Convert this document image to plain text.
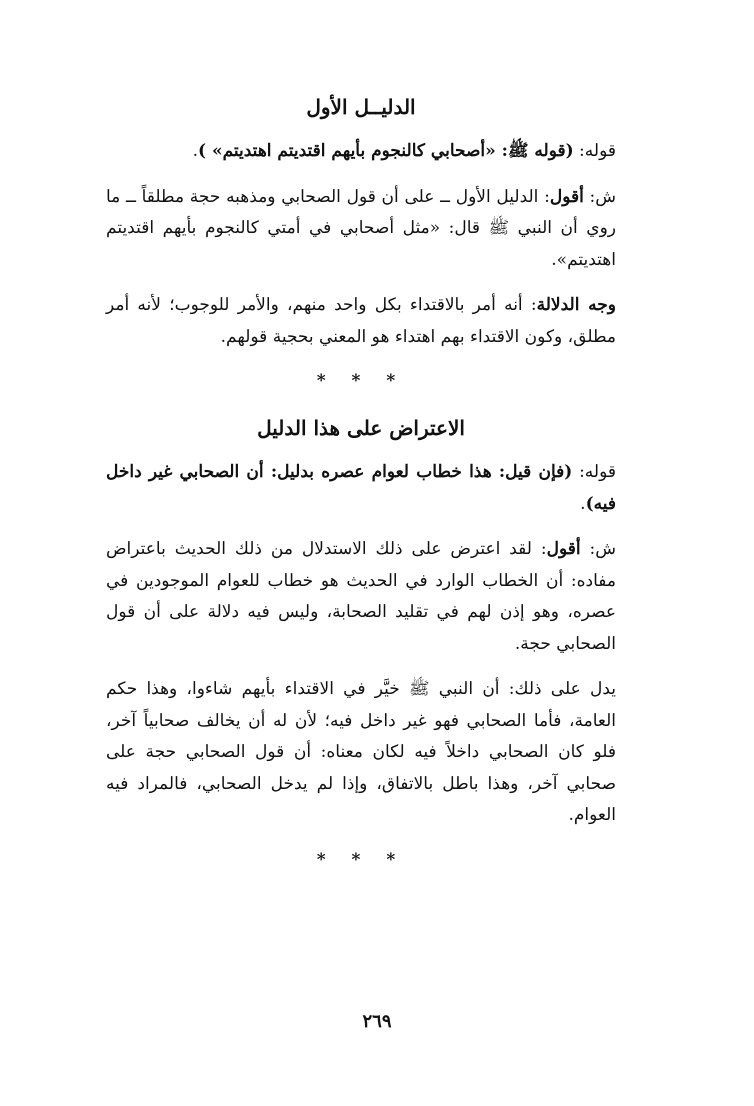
الدليــل الأول

قوله: (قوله ﷺ: «أصحابي كالنجوم بأيهم اقتديتم اهتديتم» ).

ش: أقول: الدليل الأول ــ على أن قول الصحابي ومذهبه حجة مطلقاً ــ ما روي أن النبي ﷺ قال: «مثل أصحابي في أمتي كالنجوم بأيهم اقتديتم اهتديتم».

وجه الدلالة: أنه أمر بالاقتداء بكل واحد منهم، والأمر للوجوب؛ لأنه أمر مطلق، وكون الاقتداء بهم اهتداء هو المعني بحجية قولهم.

* * *
الاعتراض على هذا الدليل

قوله: (فإن قيل: هذا خطاب لعوام عصره بدليل: أن الصحابي غير داخل فيه).

ش: أقول: لقد اعترض على ذلك الاستدلال من ذلك الحديث باعتراض مفاده: أن الخطاب الوارد في الحديث هو خطاب للعوام الموجودين في عصره، وهو إذن لهم في تقليد الصحابة، وليس فيه دلالة على أن قول الصحابي حجة.

يدل على ذلك: أن النبي ﷺ خيَّر في الاقتداء بأيهم شاءوا، وهذا حكم العامة، فأما الصحابي فهو غير داخل فيه؛ لأن له أن يخالف صحابياً آخر، فلو كان الصحابي داخلاً فيه لكان معناه: أن قول الصحابي حجة على صحابي آخر، وهذا باطل بالاتفاق، وإذا لم يدخل الصحابي، فالمراد فيه العوام.

* * *
٢٦٩
